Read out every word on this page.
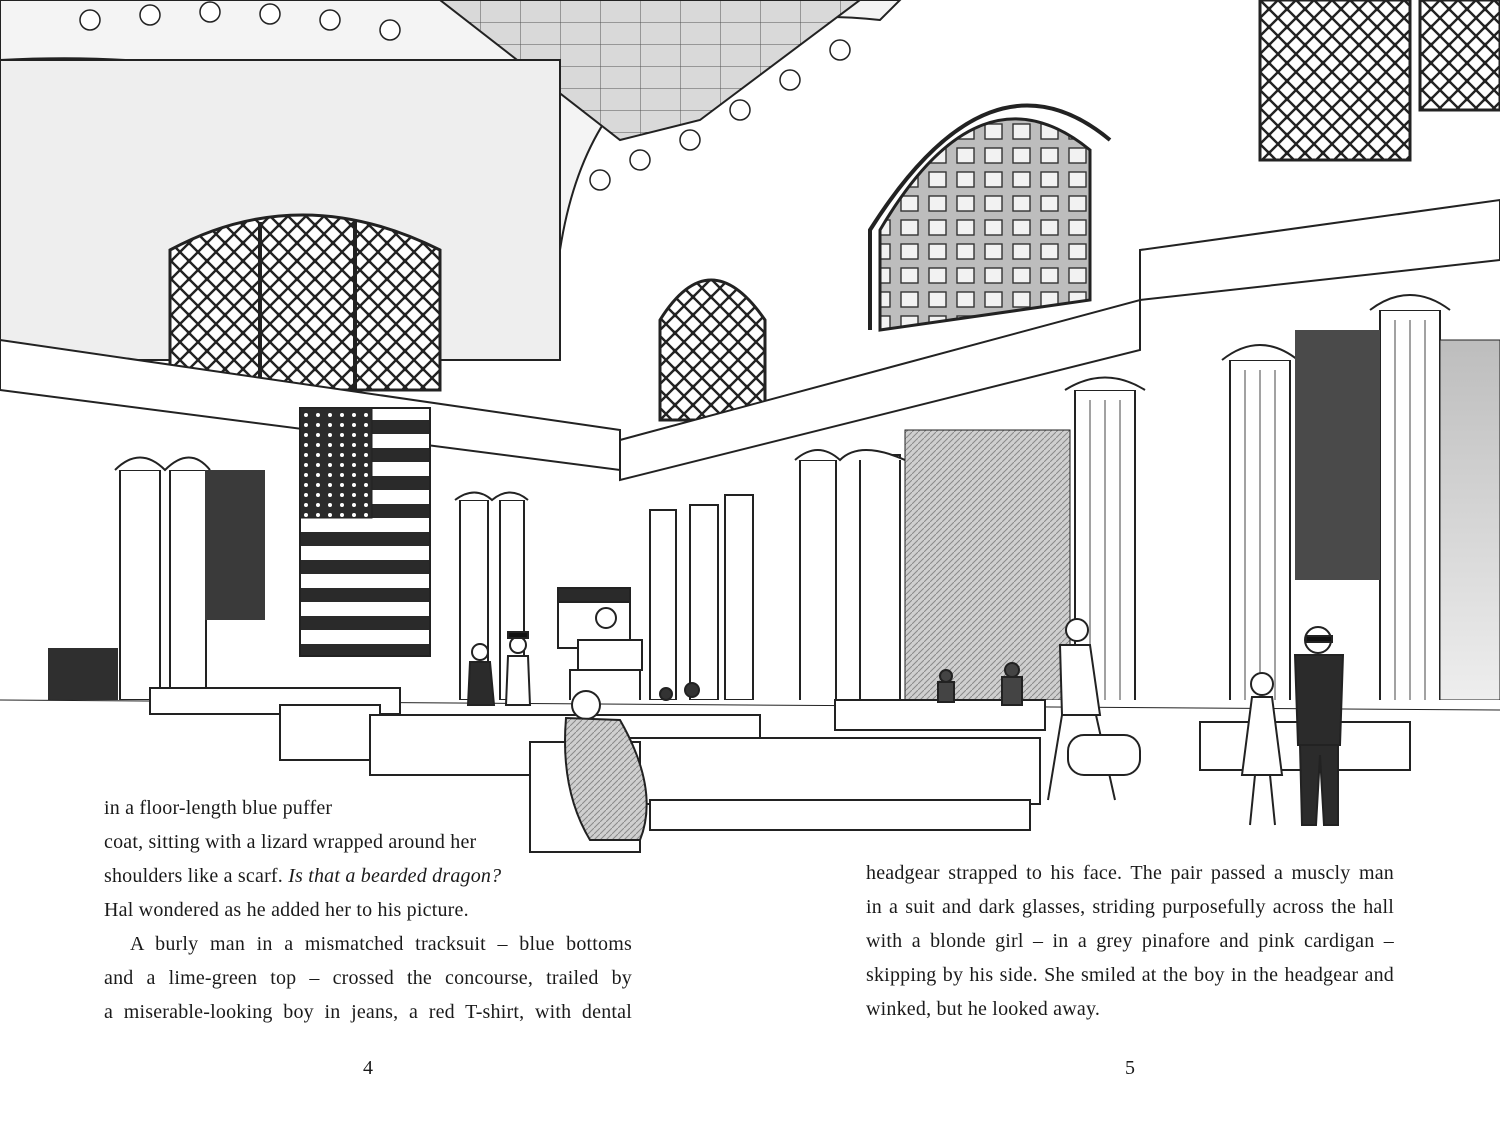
in a floor-length blue puffer
coat, sitting with a lizard wrapped around her
shoulders like a scarf. Is that a bearded dragon?
Hal wondered as he added her to his picture.
A burly man in a mismatched tracksuit – blue bottoms
and a lime-green top – crossed the concourse, trailed by
a miserable-looking boy in jeans, a red T-shirt, with dental
headgear strapped to his face. The pair passed a muscly man
in a suit and dark glasses, striding purposefully across the hall
with a blonde girl – in a grey pinafore and pink cardigan –
skipping by his side. She smiled at the boy in the headgear and
winked, but he looked away.
4	5
